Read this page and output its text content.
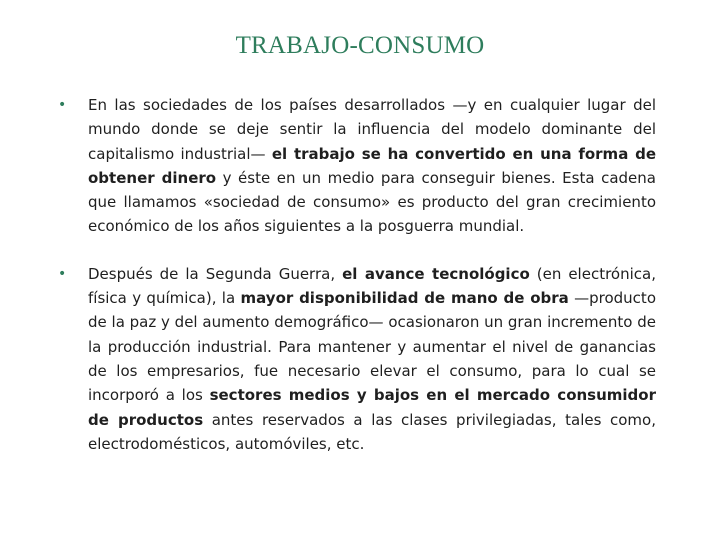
TRABAJO-CONSUMO
•	En las sociedades de los países desarrollados —y en cualquier lugar del mundo donde se deje sentir la influencia del modelo dominante del capitalismo industrial— el trabajo se ha convertido en una forma de obtener dinero y éste en un medio para conseguir bienes. Esta cadena que llamamos «sociedad de consumo» es producto del gran crecimiento económico de los años siguientes a la posguerra mundial.
•	Después de la Segunda Guerra, el avance tecnológico (en electrónica, física y química), la mayor disponibilidad de mano de obra —producto de la paz y del aumento demográfico— ocasionaron un gran incremento de la producción industrial. Para mantener y aumentar el nivel de ganancias de los empresarios, fue necesario elevar el consumo, para lo cual se incorporó a los sectores medios y bajos en el mercado consumidor de productos antes reservados a las clases privilegiadas, tales como, electrodomésticos, automóviles, etc.
